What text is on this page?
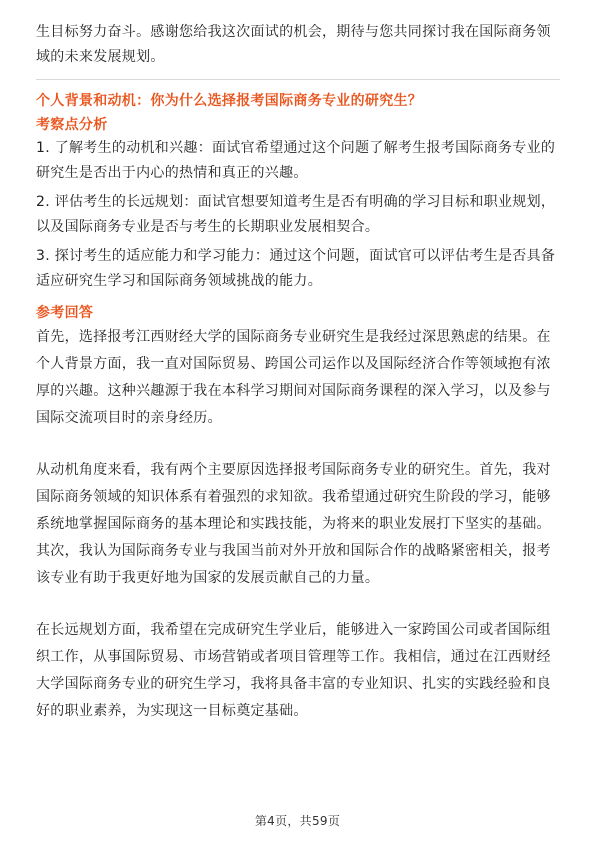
生目标努力奋斗。感谢您给我这次面试的机会，期待与您共同探讨我在国际商务领域的未来发展规划。

个人背景和动机：你为什么选择报考国际商务专业的研究生？

考察点分析

1. 了解考生的动机和兴趣：面试官希望通过这个问题了解考生报考国际商务专业的研究生是否出于内心的热情和真正的兴趣。

2. 评估考生的长远规划：面试官想要知道考生是否有明确的学习目标和职业规划，以及国际商务专业是否与考生的长期职业发展相契合。

3. 探讨考生的适应能力和学习能力：通过这个问题，面试官可以评估考生是否具备适应研究生学习和国际商务领域挑战的能力。

参考回答

首先，选择报考江西财经大学的国际商务专业研究生是我经过深思熟虑的结果。在个人背景方面，我一直对国际贸易、跨国公司运作以及国际经济合作等领域抱有浓厚的兴趣。这种兴趣源于我在本科学习期间对国际商务课程的深入学习，以及参与国际交流项目时的亲身经历。

从动机角度来看，我有两个主要原因选择报考国际商务专业的研究生。首先，我对国际商务领域的知识体系有着强烈的求知欲。我希望通过研究生阶段的学习，能够系统地掌握国际商务的基本理论和实践技能，为将来的职业发展打下坚实的基础。其次，我认为国际商务专业与我国当前对外开放和国际合作的战略紧密相关，报考该专业有助于我更好地为国家的发展贡献自己的力量。

在长远规划方面，我希望在完成研究生学业后，能够进入一家跨国公司或者国际组织工作，从事国际贸易、市场营销或者项目管理等工作。我相信，通过在江西财经大学国际商务专业的研究生学习，我将具备丰富的专业知识、扎实的实践经验和良好的职业素养，为实现这一目标奠定基础。

第4页，共59页
